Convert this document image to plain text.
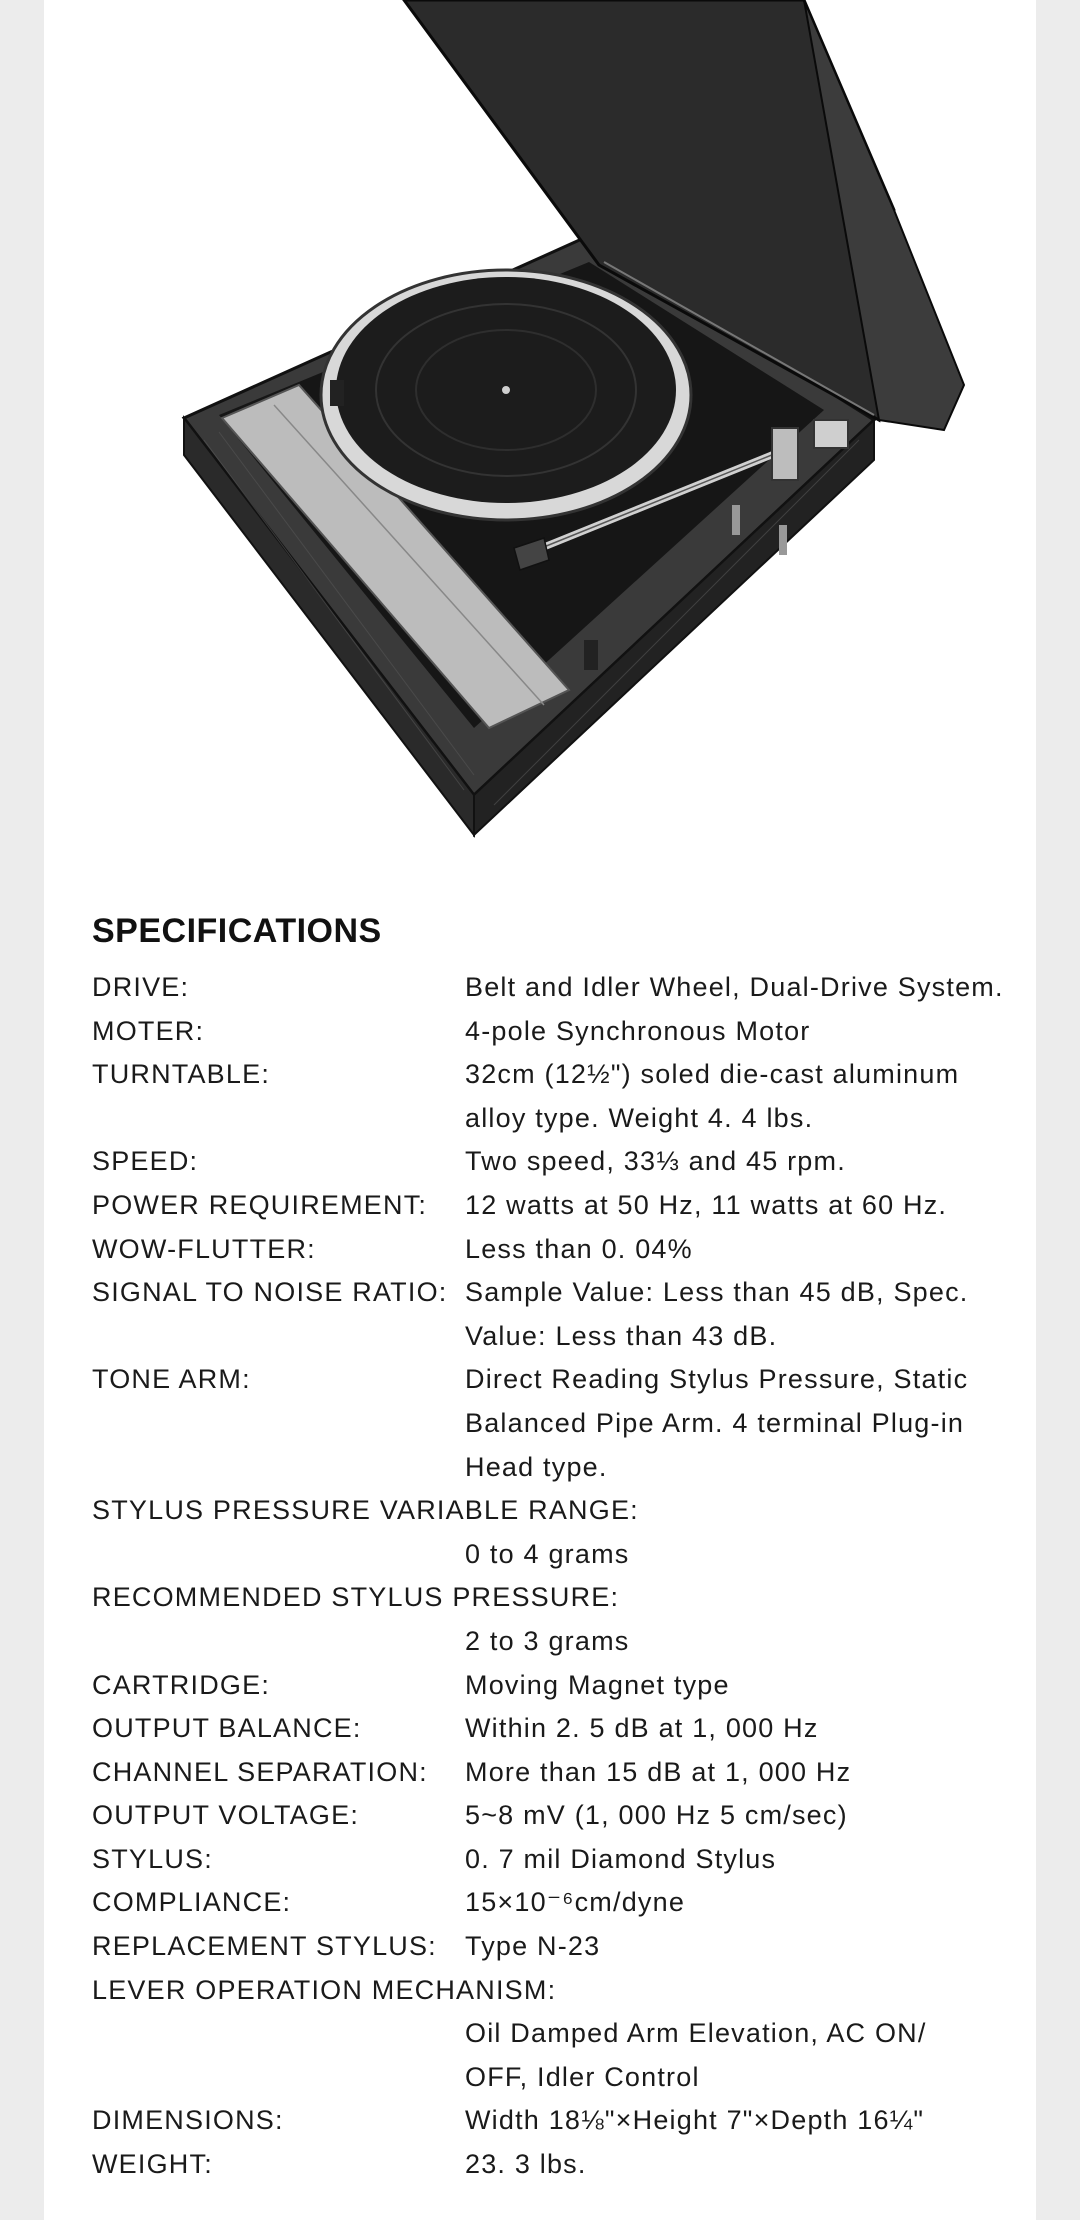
SPECIFICATIONS
DRIVE:	Belt and Idler Wheel, Dual-Drive System.
MOTER:	4-pole Synchronous Motor
TURNTABLE:	32cm (12½") soled die-cast aluminum
alloy type. Weight 4. 4 lbs.
SPEED:	Two speed, 33⅓ and 45 rpm.
POWER REQUIREMENT:	12 watts at 50 Hz, 11 watts at 60 Hz.
WOW-FLUTTER:	Less than 0. 04%
SIGNAL TO NOISE RATIO: Sample Value: Less than 45 dB, Spec.
Value: Less than 43 dB.
TONE ARM:	Direct Reading Stylus Pressure, Static
Balanced Pipe Arm. 4 terminal Plug-in
Head type.
STYLUS PRESSURE VARIABLE RANGE:
0 to 4 grams
RECOMMENDED STYLUS PRESSURE:
2 to 3 grams
CARTRIDGE:	Moving Magnet type
OUTPUT BALANCE:	Within 2. 5 dB at 1, 000 Hz
CHANNEL SEPARATION:	More than 15 dB at 1, 000 Hz
OUTPUT VOLTAGE:	5~8 mV (1, 000 Hz 5 cm/sec)
STYLUS:	0. 7 mil Diamond Stylus
COMPLIANCE:	15×10⁻⁶cm/dyne
REPLACEMENT STYLUS:	Type N-23
LEVER OPERATION MECHANISM:
Oil Damped Arm Elevation, AC ON/
OFF, Idler Control
DIMENSIONS:	Width 18⅛"×Height 7"×Depth 16¼"
WEIGHT:	23. 3 lbs.
